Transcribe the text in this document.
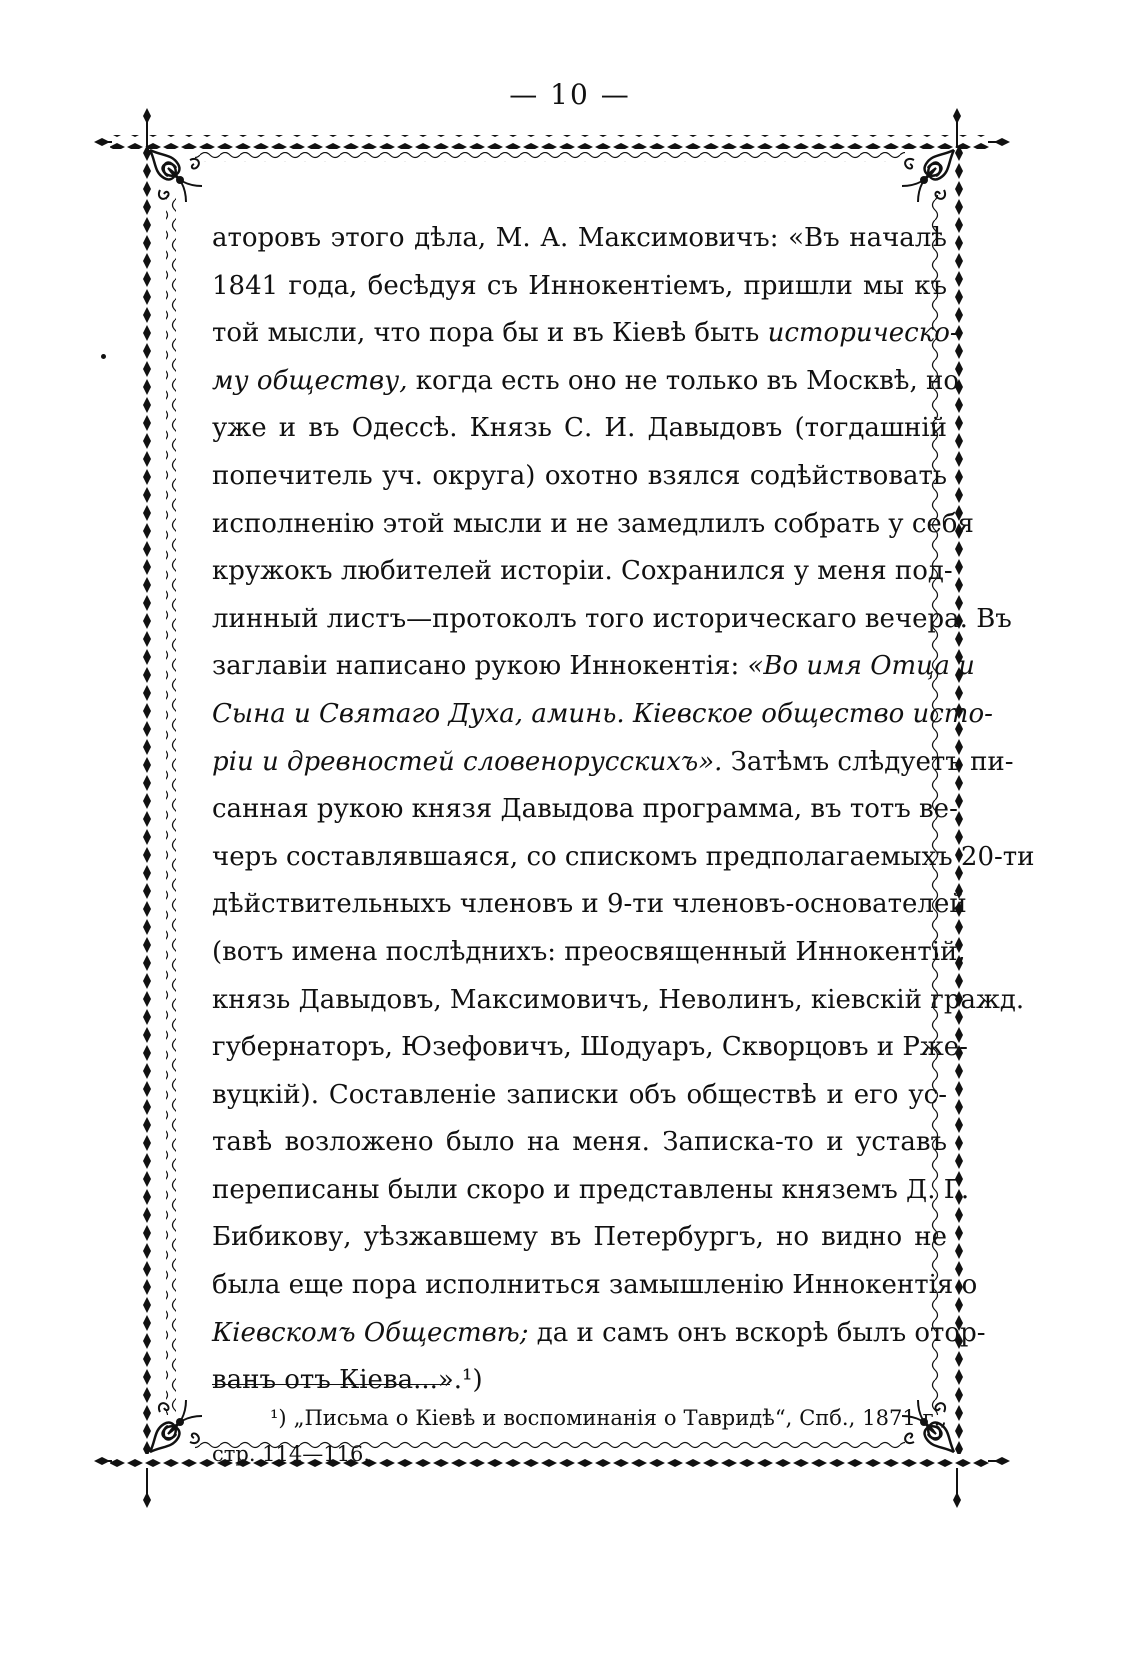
— 10 —
аторовъ этого дѣла, М. А. Максимовичъ: «Въ началѣ
1841 года, бесѣдуя съ Иннокентіемъ, пришли мы къ
той мысли, что пора бы и въ Кіевѣ быть историческо-
му обществу, когда есть оно не только въ Москвѣ, но
уже и въ Одессѣ. Князь С. И. Давыдовъ (тогдашній
попечитель уч. округа) охотно взялся содѣйствовать
исполненію этой мысли и не замедлилъ собрать у себя
кружокъ любителей исторіи. Сохранился у меня под-
линный листъ—протоколъ того историческаго вечера. Въ
заглавіи написано рукою Иннокентія: «Во имя Отца и
Сына и Святаго Духа, аминь. Кіевское общество исто-
ріи и древностей словенорусскихъ». Затѣмъ слѣдуетъ пи-
санная рукою князя Давыдова программа, въ тотъ ве-
черъ составлявшаяся, со спискомъ предполагаемыхъ 20-ти
дѣйствительныхъ членовъ и 9-ти членовъ-основателей
(вотъ имена послѣднихъ: преосвященный Иннокентій,
князь Давыдовъ, Максимовичъ, Неволинъ, кіевскій гражд.
губернаторъ, Юзефовичъ, Шодуаръ, Скворцовъ и Рже-
вуцкій). Составленіе записки объ обществѣ и его ус-
тавѣ возложено было на меня. Записка-то и уставъ
переписаны были скоро и представлены княземъ Д. Г.
Бибикову, уѣзжавшему въ Петербургъ, но видно не
была еще пора исполниться замышленію Иннокентія о
Кіевскомъ Обществѣ; да и самъ онъ вскорѣ былъ отор-
ванъ отъ Кіева...».¹)
¹) „Письма о Кіевѣ и воспоминанія о Тавридѣ“, Спб., 1871 г.,
стр. 114—116.
